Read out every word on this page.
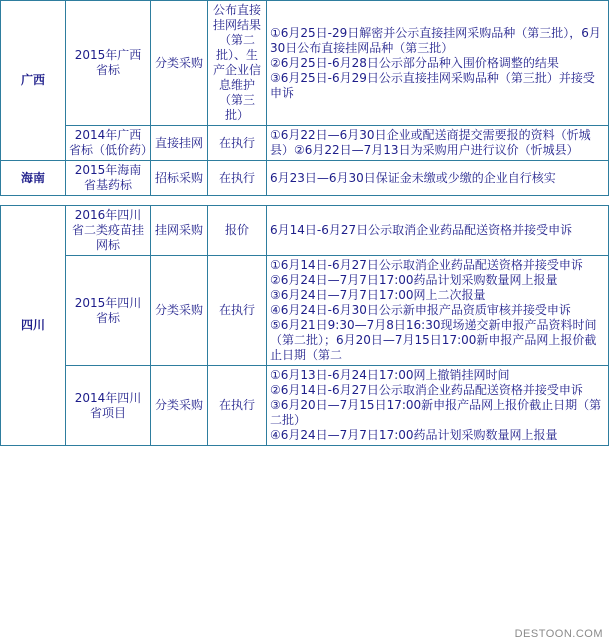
广西	2015年广西省标	分类采购	公布直接挂网结果（第二批）、生产企业信息维护（第三批）	①6月25日-29日解密并公示直接挂网采购品种（第三批），6月30日公布直接挂网品种（第三批）
②6月25日-6月28日公示部分品种入围价格调整的结果
③6月25日-6月29日公示直接挂网采购品种（第三批）并接受申诉

	2014年广西省标（低价药）	直接挂网	在执行	①6月22日—6月30日企业或配送商提交需要报的资料（忻城县）②6月22日—7月13日为采购用户进行议价（忻城县）

海南	2015年海南省基药标	招标采购	在执行	6月23日—6月30日保证金未缴或少缴的企业自行核实
四川	2016年四川省二类疫苗挂网标	挂网采购	报价	6月14日-6月27日公示取消企业药品配送资格并接受申诉

	2015年四川省标	分类采购	在执行	①6月14日-6月27日公示取消企业药品配送资格并接受申诉
②6月24日—7月7日17:00药品计划采购数量网上报量
③6月24日—7月7日17:00网上二次报量
④6月24日-6月30日公示新申报产品资质审核并接受申诉
⑤6月21日9:30—7月8日16:30现场递交新申报产品资料时间（第二批）；6月20日—7月15日17:00新申报产品网上报价截止日期（第二

	2014年四川省项目	分类采购	在执行	①6月13日-6月24日17:00网上撤销挂网时间
②6月14日-6月27日公示取消企业药品配送资格并接受申诉
③6月20日—7月15日17:00新申报产品网上报价截止日期（第二批）
④6月24日—7月7日17:00药品计划采购数量网上报量
DESTOON.COM
